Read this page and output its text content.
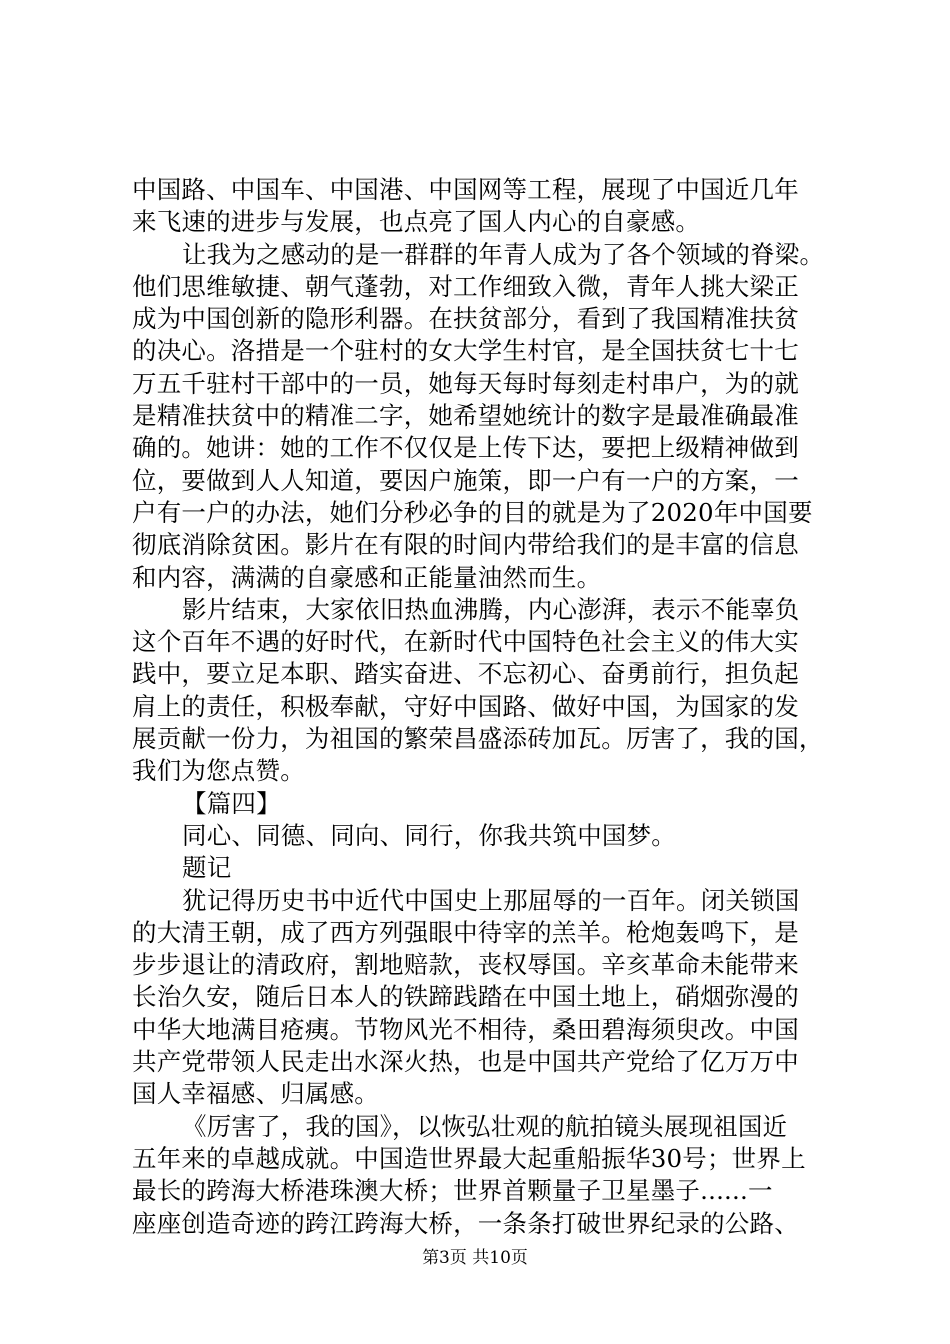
中国路、中国车、中国港、中国网等工程，展现了中国近几年
来飞速的进步与发展，也点亮了国人内心的自豪感。
让我为之感动的是一群群的年青人成为了各个领域的脊梁。
他们思维敏捷、朝气蓬勃，对工作细致入微，青年人挑大梁正
成为中国创新的隐形利器。在扶贫部分，看到了我国精准扶贫
的决心。洛措是一个驻村的女大学生村官，是全国扶贫七十七
万五千驻村干部中的一员，她每天每时每刻走村串户，为的就
是精准扶贫中的精准二字，她希望她统计的数字是最准确最准
确的。她讲：她的工作不仅仅是上传下达，要把上级精神做到
位，要做到人人知道，要因户施策，即一户有一户的方案，一
户有一户的办法，她们分秒必争的目的就是为了2020年中国要
彻底消除贫困。影片在有限的时间内带给我们的是丰富的信息
和内容，满满的自豪感和正能量油然而生。
影片结束，大家依旧热血沸腾，内心澎湃，表示不能辜负
这个百年不遇的好时代，在新时代中国特色社会主义的伟大实
践中，要立足本职、踏实奋进、不忘初心、奋勇前行，担负起
肩上的责任，积极奉献，守好中国路、做好中国，为国家的发
展贡献一份力，为祖国的繁荣昌盛添砖加瓦。厉害了，我的国，
我们为您点赞。
【篇四】
同心、同德、同向、同行，你我共筑中国梦。
题记
犹记得历史书中近代中国史上那屈辱的一百年。闭关锁国
的大清王朝，成了西方列强眼中待宰的羔羊。枪炮轰鸣下，是
步步退让的清政府，割地赔款，丧权辱国。辛亥革命未能带来
长治久安，随后日本人的铁蹄践踏在中国土地上，硝烟弥漫的
中华大地满目疮痍。节物风光不相待，桑田碧海须臾改。中国
共产党带领人民走出水深火热，也是中国共产党给了亿万万中
国人幸福感、归属感。
《厉害了，我的国》，以恢弘壮观的航拍镜头展现祖国近
五年来的卓越成就。中国造世界最大起重船振华30号；世界上
最长的跨海大桥港珠澳大桥；世界首颗量子卫星墨子......一
座座创造奇迹的跨江跨海大桥，一条条打破世界纪录的公路、
第3页 共10页
